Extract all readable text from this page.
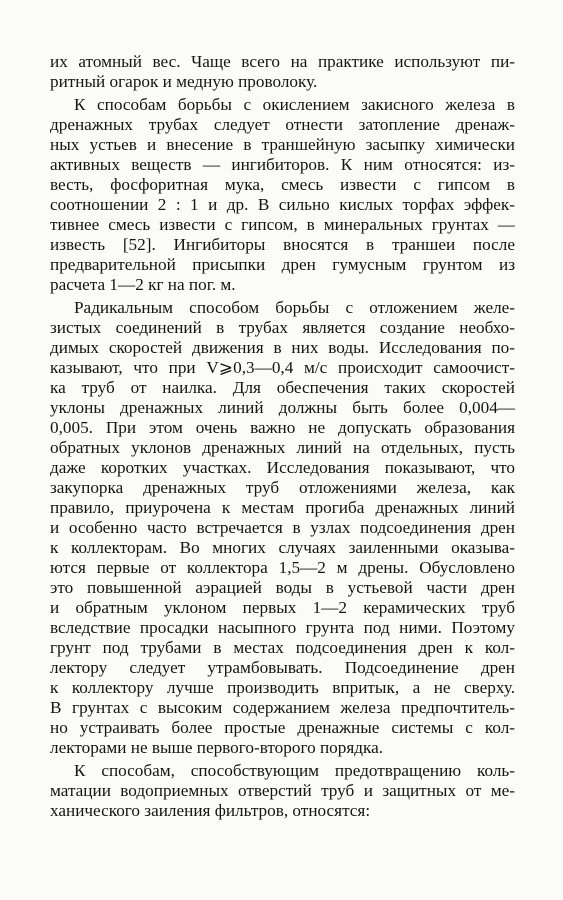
их атомный вес. Чаще всего на практике используют пи-
ритный огарок и медную проволоку.
К способам борьбы с окислением закисного железа в
дренажных трубах следует отнести затопление дренаж-
ных устьев и внесение в траншейную засыпку химически
активных веществ — ингибиторов. К ним относятся: из-
весть, фосфоритная мука, смесь извести с гипсом в
соотношении 2 : 1 и др. В сильно кислых торфах эффек-
тивнее смесь извести с гипсом, в минеральных грунтах —
известь [52]. Ингибиторы вносятся в траншеи после
предварительной присыпки дрен гумусным грунтом из
расчета 1—2 кг на пог. м.
Радикальным способом борьбы с отложением желе-
зистых соединений в трубах является создание необхо-
димых скоростей движения в них воды. Исследования по-
казывают, что при V⩾0,3—0,4 м/с происходит самоочист-
ка труб от наилка. Для обеспечения таких скоростей
уклоны дренажных линий должны быть более 0,004—
0,005. При этом очень важно не допускать образования
обратных уклонов дренажных линий на отдельных, пусть
даже коротких участках. Исследования показывают, что
закупорка дренажных труб отложениями железа, как
правило, приурочена к местам прогиба дренажных линий
и особенно часто встречается в узлах подсоединения дрен
к коллекторам. Во многих случаях заиленными оказыва-
ются первые от коллектора 1,5—2 м дрены. Обусловлено
это повышенной аэрацией воды в устьевой части дрен
и обратным уклоном первых 1—2 керамических труб
вследствие просадки насыпного грунта под ними. Поэтому
грунт под трубами в местах подсоединения дрен к кол-
лектору следует утрамбовывать. Подсоединение дрен
к коллектору лучше производить впритык, а не сверху.
В грунтах с высоким содержанием железа предпочтитель-
но устраивать более простые дренажные системы с кол-
лекторами не выше первого-второго порядка.
К способам, способствующим предотвращению коль-
матации водоприемных отверстий труб и защитных от ме-
ханического заиления фильтров, относятся:
